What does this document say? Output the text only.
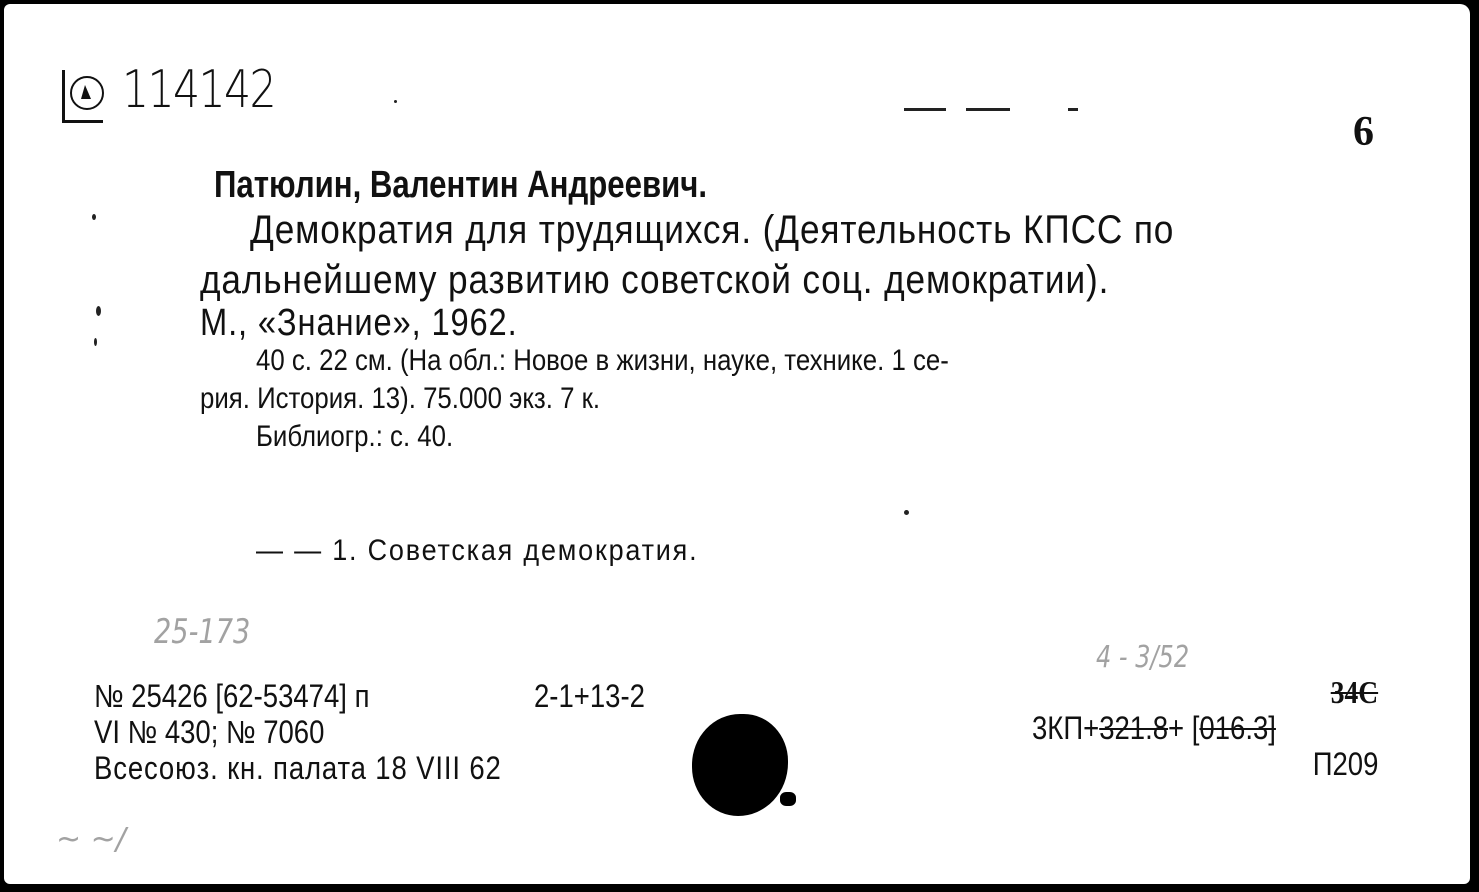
114142
6
Патюлин, Валентин Андреевич.
Демократия для трудящихся. (Деятельность КПСС по
дальнейшему развитию советской соц. демократии).
М., «Знание», 1962.
40 с. 22 см. (На обл.: Новое в жизни, науке, технике. 1 се-
рия. История. 13). 75.000 экз. 7 к.
Библиогр.: с. 40.
— — 1. Советская демократия.
25-173
4 - 3/52
~ ~/
№ 25426 [62-53474] п	2-1+13-2
VI № 430; № 7060
Всесоюз. кн. палата 18 VIII 62
34С
3КП+321.8+ [016.3]
П209
